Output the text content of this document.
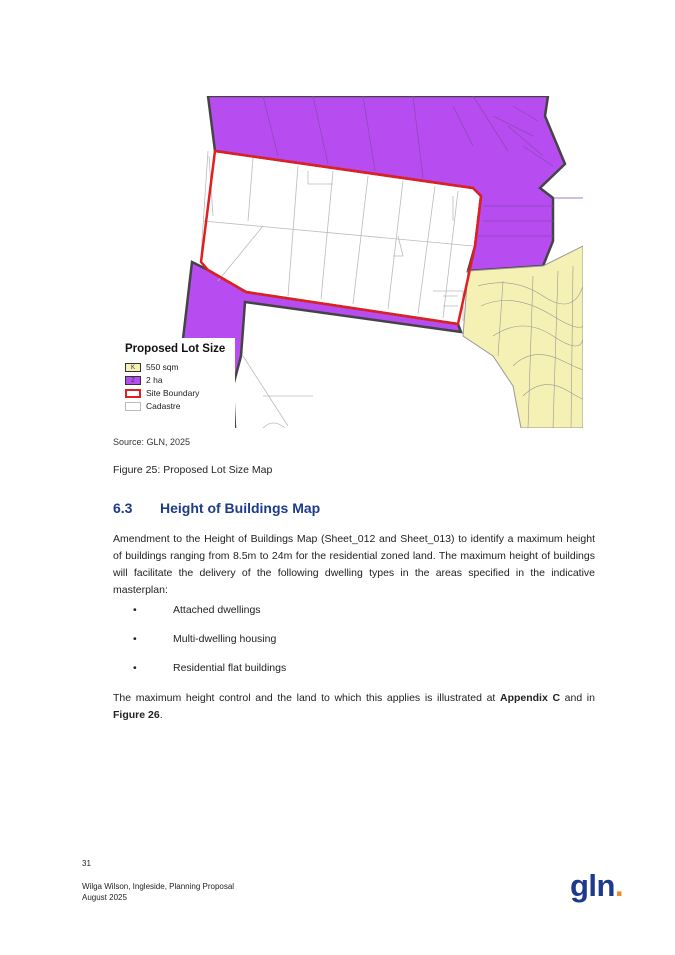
Proposed Lot Size
K	550 sqm
Z	2 ha
Site Boundary
Cadastre
Source: GLN, 2025
Figure 25: Proposed Lot Size Map
6.3 Height of Buildings Map
Amendment to the Height of Buildings Map (Sheet_012 and Sheet_013) to identify a maximum height of buildings ranging from 8.5m to 24m for the residential zoned land. The maximum height of buildings will facilitate the delivery of the following dwelling types in the areas specified in the indicative masterplan:
•	Attached dwellings
•	Multi-dwelling housing
•	Residential flat buildings
The maximum height control and the land to which this applies is illustrated at Appendix C and in Figure 26.
31
Wilga Wilson, Ingleside, Planning Proposal
August 2025	gln.
